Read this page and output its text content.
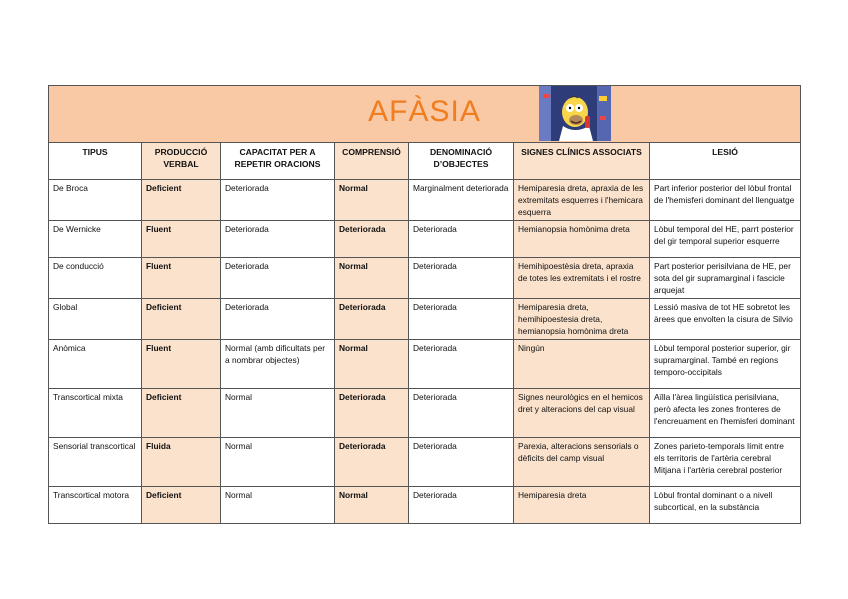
AFÀSIA						

TIPUS	PRODUCCIÓ VERBAL	CAPACITAT PER A REPETIR ORACIONS	COMPRENSIÓ	DENOMINACIÓ D’OBJECTES	SIGNES CLÍNICS ASSOCIATS	LESIÓ
De Broca	Deficient	Deteriorada	Normal	Marginalment deteriorada	Hemiparesia dreta, apraxia de les extremitats esquerres i l'hemicara esquerra	Part inferior posterior del lòbul frontal de l'hemisferi dominant del llenguatge
De Wernicke	Fluent	Deteriorada	Deteriorada	Deteriorada	Hemianopsia homònima dreta	Lòbul temporal del HE, parrt posterior del gir temporal superior esquerre
De conducció	Fluent	Deteriorada	Normal	Deteriorada	Hemihipoestèsia dreta, apraxia de totes les extremitats i el rostre	Part posterior perisilviana de HE, per sota del gir supramarginal i fascicle arquejat
Global	Deficient	Deteriorada	Deteriorada	Deteriorada	Hemiparesia dreta, hemihipoestesia dreta, hemianopsia homònima dreta	Lessió masiva de tot HE sobretot les àrees que envolten la cisura de Silvio
Anòmica	Fluent	Normal (amb dificultats per a nombrar objectes)	Normal	Deteriorada	Ningún	Lòbul temporal posterior superior, gir supramarginal. També en regions temporo-occipitals
Transcortical mixta	Deficient	Normal	Deteriorada	Deteriorada	Signes neurològics en el hemicos dret y alteracions del cap visual	Aïlla l'àrea lingüística perisilviana, però afecta les zones fronteres de l'encreuament en l'hemisferi dominant
Sensorial transcortical	Fluida	Normal	Deteriorada	Deteriorada	Parexia, alteracions sensorials o dèficits del camp visual	Zones parieto-temporals límit entre els territoris de l'artèria cerebral Mitjana i l'artèria cerebral posterior
Transcortical motora	Deficient	Normal	Normal	Deteriorada	Hemiparesia dreta	Lòbul frontal dominant o a nivell subcortical, en la substància
